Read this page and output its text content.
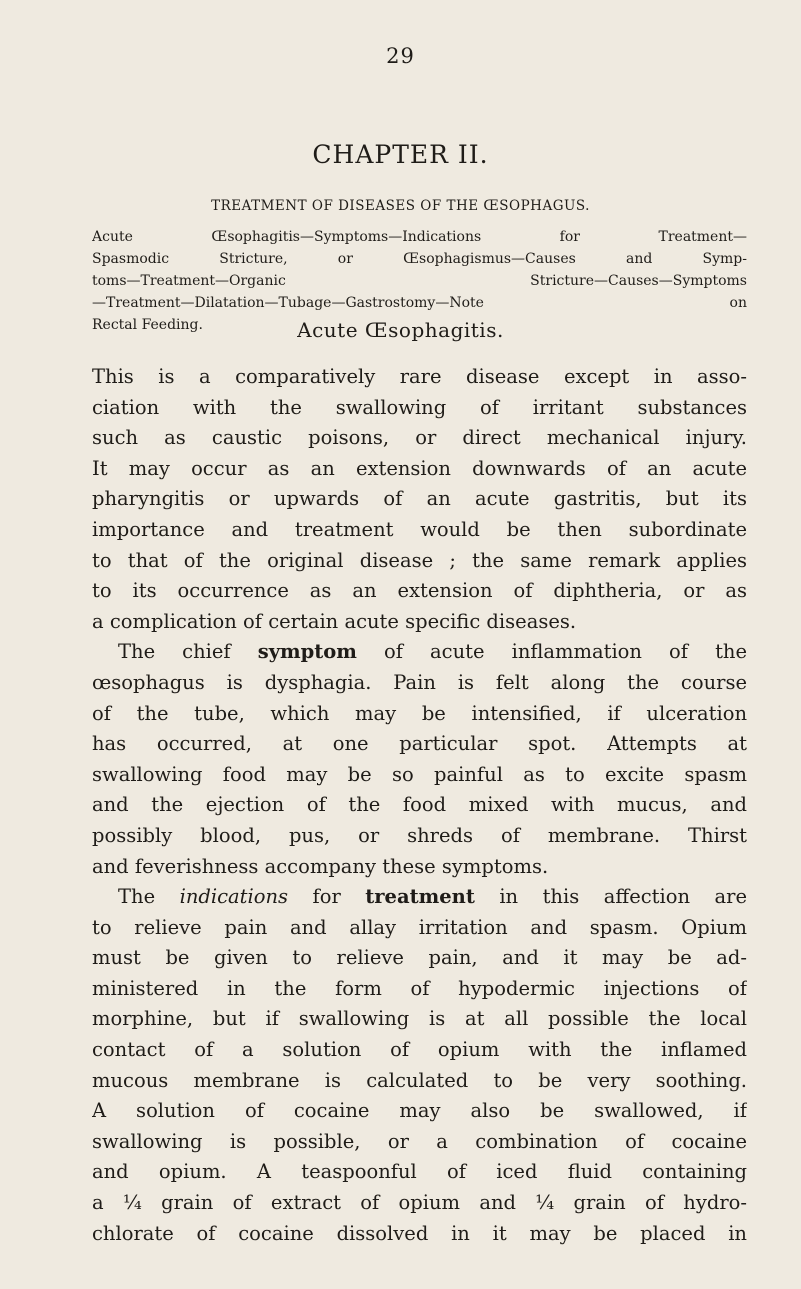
29
CHAPTER II.
TREATMENT OF DISEASES OF THE ŒSOPHAGUS.
Acute Œsophagitis—Symptoms—Indications for Treatment—
Spasmodic Stricture, or Œsophagismus—Causes and Symp-
toms—Treatment—Organic Stricture—Causes—Symptoms
—Treatment—Dilatation—Tubage—Gastrostomy—Note on
Rectal Feeding.	Acute Œsophagitis.
This is a comparatively rare disease except in asso-
ciation with the swallowing of irritant substances
such as caustic poisons, or direct mechanical injury.
It may occur as an extension downwards of an acute
pharyngitis or upwards of an acute gastritis, but its
importance and treatment would be then subordinate
to that of the original disease ; the same remark applies
to its occurrence as an extension of diphtheria, or as
a complication of certain acute specific diseases.
The chief symptom of acute inflammation of the
œsophagus is dysphagia. Pain is felt along the course
of the tube, which may be intensified, if ulceration
has occurred, at one particular spot. Attempts at
swallowing food may be so painful as to excite spasm
and the ejection of the food mixed with mucus, and
possibly blood, pus, or shreds of membrane. Thirst
and feverishness accompany these symptoms.
The indications for treatment in this affection are
to relieve pain and allay irritation and spasm. Opium
must be given to relieve pain, and it may be ad-
ministered in the form of hypodermic injections of
morphine, but if swallowing is at all possible the local
contact of a solution of opium with the inflamed
mucous membrane is calculated to be very soothing.
A solution of cocaine may also be swallowed, if
swallowing is possible, or a combination of cocaine
and opium. A teaspoonful of iced fluid containing
a ¼ grain of extract of opium and ¼ grain of hydro-
chlorate of cocaine dissolved in it may be placed in
